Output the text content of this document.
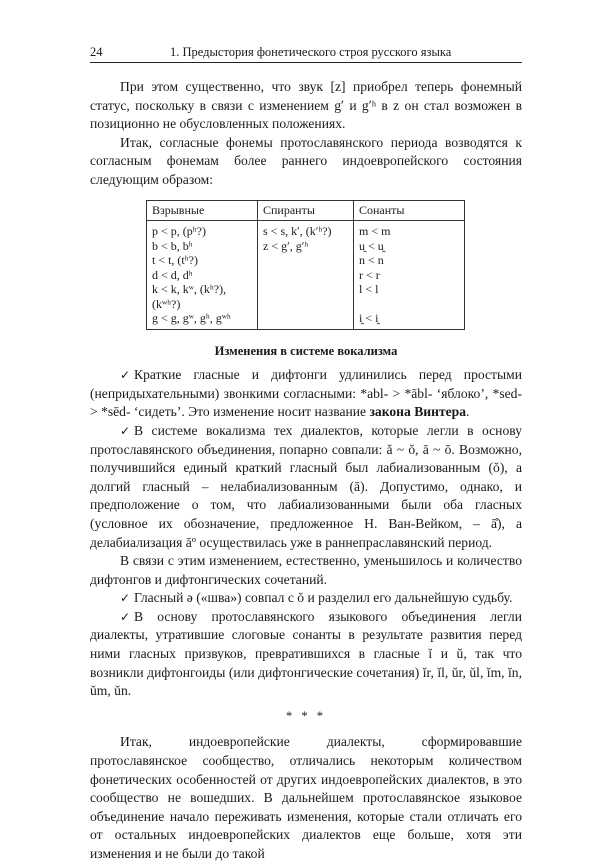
24	1. Предыстория фонетического строя русского языка

При этом существенно, что звук [z] приобрел теперь фонемный статус, поскольку в связи с изменением gʹ и gʹʰ в z он стал возможен в позиционно не обусловленных положениях.

Итак, согласные фонемы протославянского периода возводятся к согласным фонемам более раннего индоевропейского состояния следующим образом:

Взрывные	Спиранты	Сонанты
p < p, (pʰ?)	s < s, kʹ, (kʹʰ?)	m < m
b < b, bʰ	z < gʹ, gʹʰ	u̯ < u̯
t < t, (tʰ?)		n < n
d < d, dʰ		r < r
k < k, kʷ, (kʰ?), (kʷʰ?)		l < l
g < g, gʷ, gʰ, gʷʰ		i̯ < i̯
Изменения в системе вокализма

✓ Краткие гласные и дифтонги удлинились перед простыми (непридыхательными) звонкими согласными: *abl- > *ābl- ‘яблоко’, *sed- > *sēd- ‘сидеть’. Это изменение носит название закона Винтера.

✓ В системе вокализма тех диалектов, которые легли в основу протославянского объединения, попарно совпали: ă ~ ŏ, ā ~ ō. Возможно, получившийся единый краткий гласный был лабиализованным (ŏ), а долгий гласный – нелабиализованным (ā). Допустимо, однако, и предположение о том, что лабиализованными были оба гласных (условное их обозначение, предложенное Н. Ван-Вейком, – ā̊), а делабиализация āº осуществилась уже в раннепраславянский период.

В связи с этим изменением, естественно, уменьшилось и количество дифтонгов и дифтонгических сочетаний.

✓ Гласный ə («шва») совпал с ŏ и разделил его дальнейшую судьбу.

✓ В основу протославянского языкового объединения легли диалекты, утратившие слоговые сонанты в результате развития перед ними гласных призвуков, превратившихся в гласные ĭ и ŭ, так что возникли дифтонгоиды (или дифтонгические сочетания) ĭr, ĭl, ŭr, ŭl, ĭm, ĭn, ŭm, ŭn.

* * *

Итак, индоевропейские диалекты, сформировавшие протославянское сообщество, отличались некоторым количеством фонетических особенностей от других индоевропейских диалектов, в это сообщество не вошедших. В дальнейшем протославянское языковое объединение начало переживать изменения, которые стали отличать его от остальных индоевропейских диалектов еще больше, хотя эти изменения и не были до такой
